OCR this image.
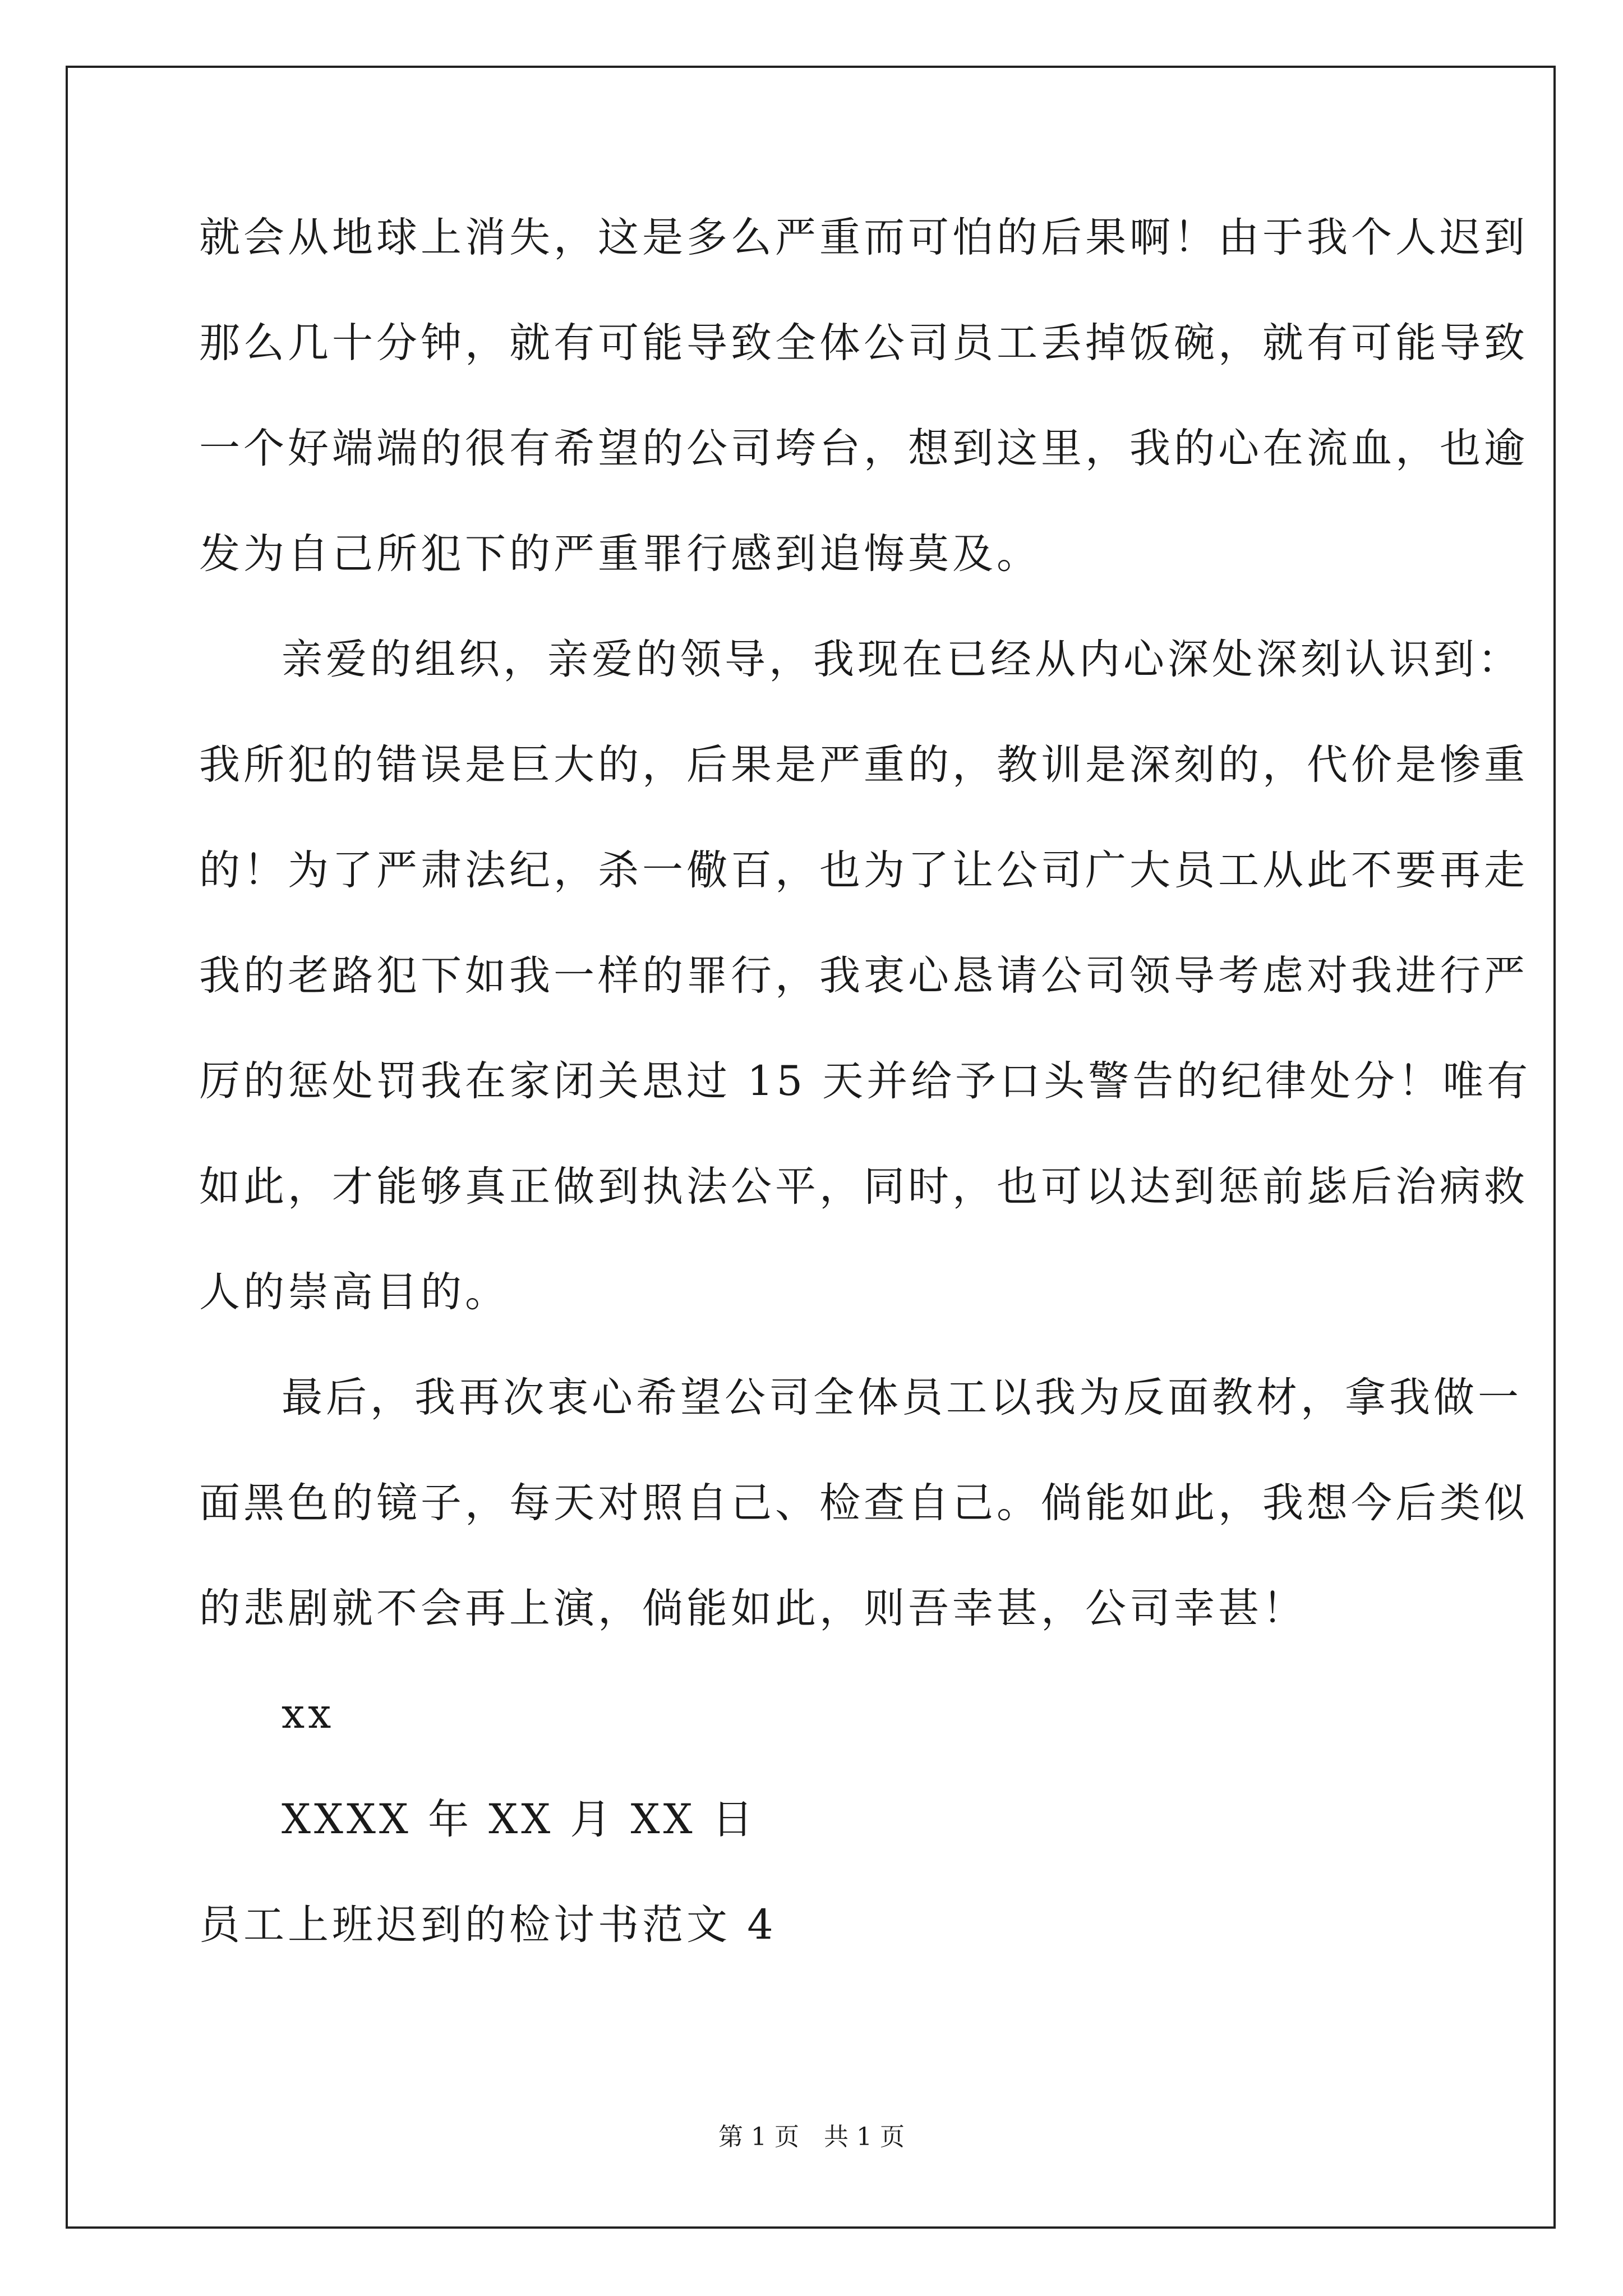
就会从地球上消失，这是多么严重而可怕的后果啊！由于我个人迟到
那么几十分钟，就有可能导致全体公司员工丢掉饭碗，就有可能导致
一个好端端的很有希望的公司垮台，想到这里，我的心在流血，也逾
发为自己所犯下的严重罪行感到追悔莫及。
亲爱的组织，亲爱的领导，我现在已经从内心深处深刻认识到：
我所犯的错误是巨大的，后果是严重的，教训是深刻的，代价是惨重
的！为了严肃法纪，杀一儆百，也为了让公司广大员工从此不要再走
我的老路犯下如我一样的罪行，我衷心恳请公司领导考虑对我进行严
厉的惩处罚我在家闭关思过 15 天并给予口头警告的纪律处分！唯有
如此，才能够真正做到执法公平，同时，也可以达到惩前毖后治病救
人的崇高目的。
最后，我再次衷心希望公司全体员工以我为反面教材，拿我做一
面黑色的镜子，每天对照自己、检查自己。倘能如此，我想今后类似
的悲剧就不会再上演，倘能如此，则吾幸甚，公司幸甚！
xx
XXXX 年 XX 月 XX 日
员工上班迟到的检讨书范文 4
第 1 页　共 1 页
